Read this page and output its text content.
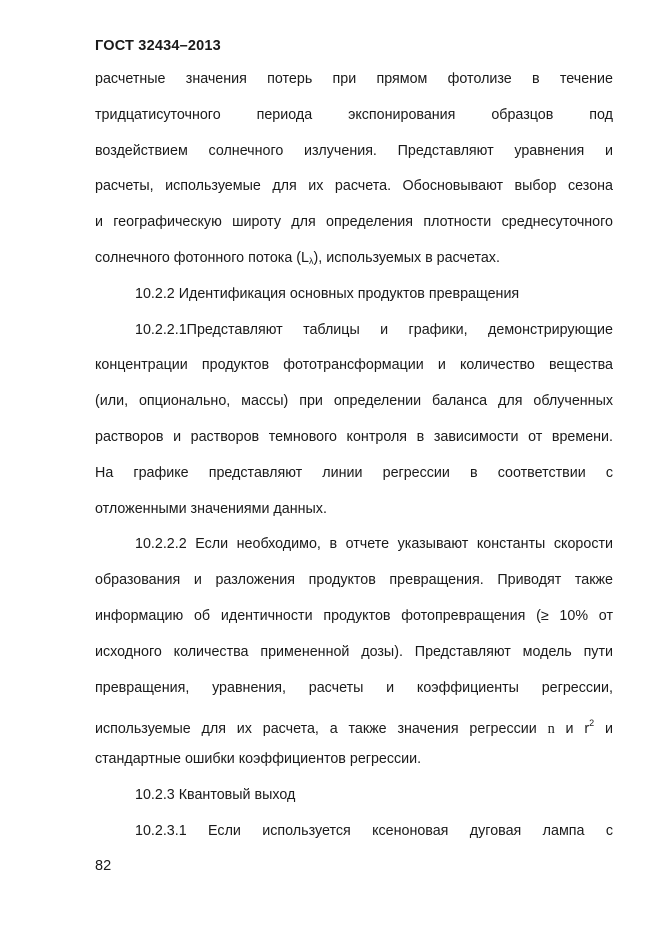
ГОСТ 32434–2013
расчетные значения потерь при прямом фотолизе в течение
тридцатисуточного периода экспонирования образцов под
воздействием солнечного излучения. Представляют уравнения и
расчеты, используемые для их расчета. Обосновывают выбор сезона
и географическую широту для определения плотности среднесуточного
солнечного фотонного потока $(L_\lambda)$, используемых в расчетах.
10.2.2 Идентификация основных продуктов превращения
10.2.2.1Представляют таблицы и графики, демонстрирующие
концентрации продуктов фототрансформации и количество вещества
(или, опционально, массы) при определении баланса для облученных
растворов и растворов темнового контроля в зависимости от времени.
На графике представляют линии регрессии в соответствии с
отложенными значениями данных.
10.2.2.2 Если необходимо, в отчете указывают константы скорости
образования и разложения продуктов превращения. Приводят также
информацию об идентичности продуктов фотопревращения (≥ 10% от
исходного количества примененной дозы). Представляют модель пути
превращения, уравнения, расчеты и коэффициенты регрессии,
используемые для их расчета, а также значения регрессии n и $r^2$ и
стандартные ошибки коэффициентов регрессии.
10.2.3 Квантовый выход
10.2.3.1 Если используется ксеноновая дуговая лампа с
82
